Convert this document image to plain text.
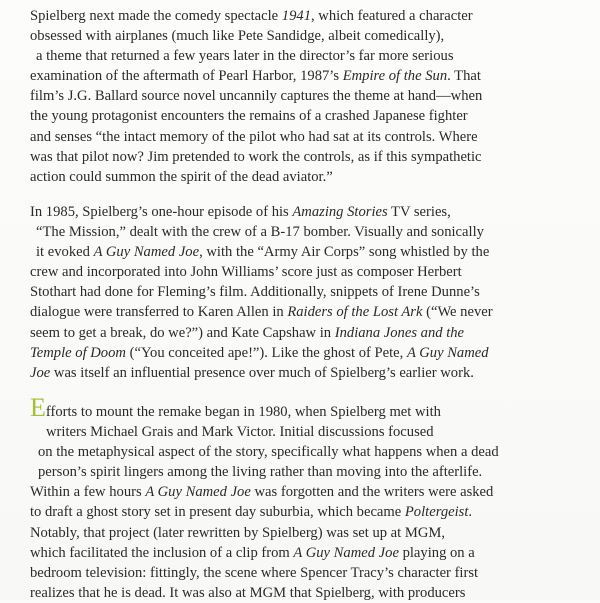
Spielberg next made the comedy spectacle 1941, which featured a character
obsessed with airplanes (much like Pete Sandidge, albeit comedically),
a theme that returned a few years later in the director’s far more serious
examination of the aftermath of Pearl Harbor, 1987’s Empire of the Sun. That
film’s J.G. Ballard source novel uncannily captures the theme at hand—when
the young protagonist encounters the remains of a crashed Japanese fighter
and senses “the intact memory of the pilot who had sat at its controls. Where
was that pilot now? Jim pretended to work the controls, as if this sympathetic
action could summon the spirit of the dead aviator.”

In 1985, Spielberg’s one-hour episode of his Amazing Stories TV series,
“The Mission,” dealt with the crew of a B-17 bomber. Visually and sonically
it evoked A Guy Named Joe, with the “Army Air Corps” song whistled by the
crew and incorporated into John Williams’ score just as composer Herbert
Stothart had done for Fleming’s film. Additionally, snippets of Irene Dunne’s
dialogue were transferred to Karen Allen in Raiders of the Lost Ark (“We never
seem to get a break, do we?”) and Kate Capshaw in Indiana Jones and the
Temple of Doom (“You conceited ape!”). Like the ghost of Pete, A Guy Named
Joe was itself an influential presence over much of Spielberg’s earlier work.

Efforts to mount the remake began in 1980, when Spielberg met with
writers Michael Grais and Mark Victor. Initial discussions focused
on the metaphysical aspect of the story, specifically what happens when a dead
person’s spirit lingers among the living rather than moving into the afterlife.
Within a few hours A Guy Named Joe was forgotten and the writers were asked
to draft a ghost story set in present day suburbia, which became Poltergeist.
Notably, that project (later rewritten by Spielberg) was set up at MGM,
which facilitated the inclusion of a clip from A Guy Named Joe playing on a
bedroom television: fittingly, the scene where Spencer Tracy’s character first
realizes that he is dead. It was also at MGM that Spielberg, with producers
